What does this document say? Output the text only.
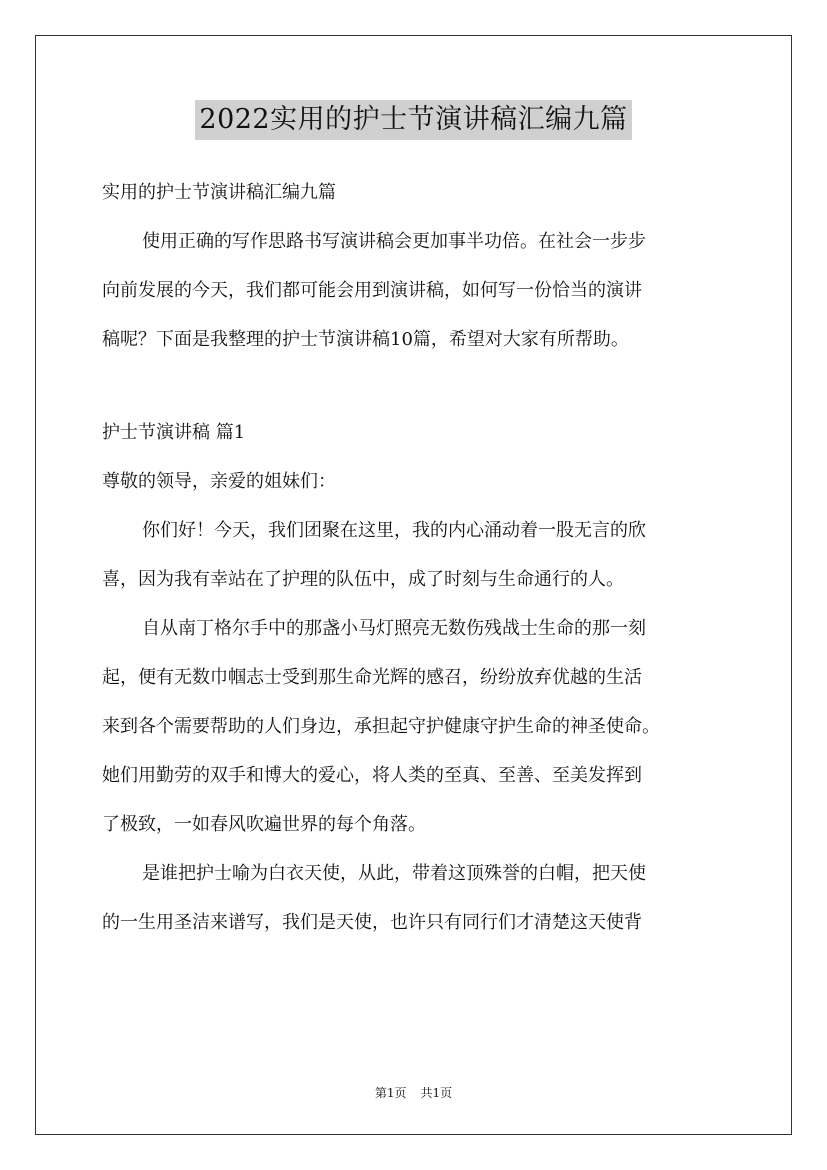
2022实用的护士节演讲稿汇编九篇
实用的护士节演讲稿汇编九篇
使用正确的写作思路书写演讲稿会更加事半功倍。在社会一步步
向前发展的今天，我们都可能会用到演讲稿，如何写一份恰当的演讲
稿呢？下面是我整理的护士节演讲稿10篇，希望对大家有所帮助。
护士节演讲稿 篇1
尊敬的领导，亲爱的姐妹们：
你们好！今天，我们团聚在这里，我的内心涌动着一股无言的欣
喜，因为我有幸站在了护理的队伍中，成了时刻与生命通行的人。
自从南丁格尔手中的那盏小马灯照亮无数伤残战士生命的那一刻
起，便有无数巾帼志士受到那生命光辉的感召，纷纷放弃优越的生活
来到各个需要帮助的人们身边，承担起守护健康守护生命的神圣使命。
她们用勤劳的双手和博大的爱心，将人类的至真、至善、至美发挥到
了极致，一如春风吹遍世界的每个角落。
是谁把护士喻为白衣天使，从此，带着这顶殊誉的白帽，把天使
的一生用圣洁来谱写，我们是天使，也许只有同行们才清楚这天使背
第1页 共1页
